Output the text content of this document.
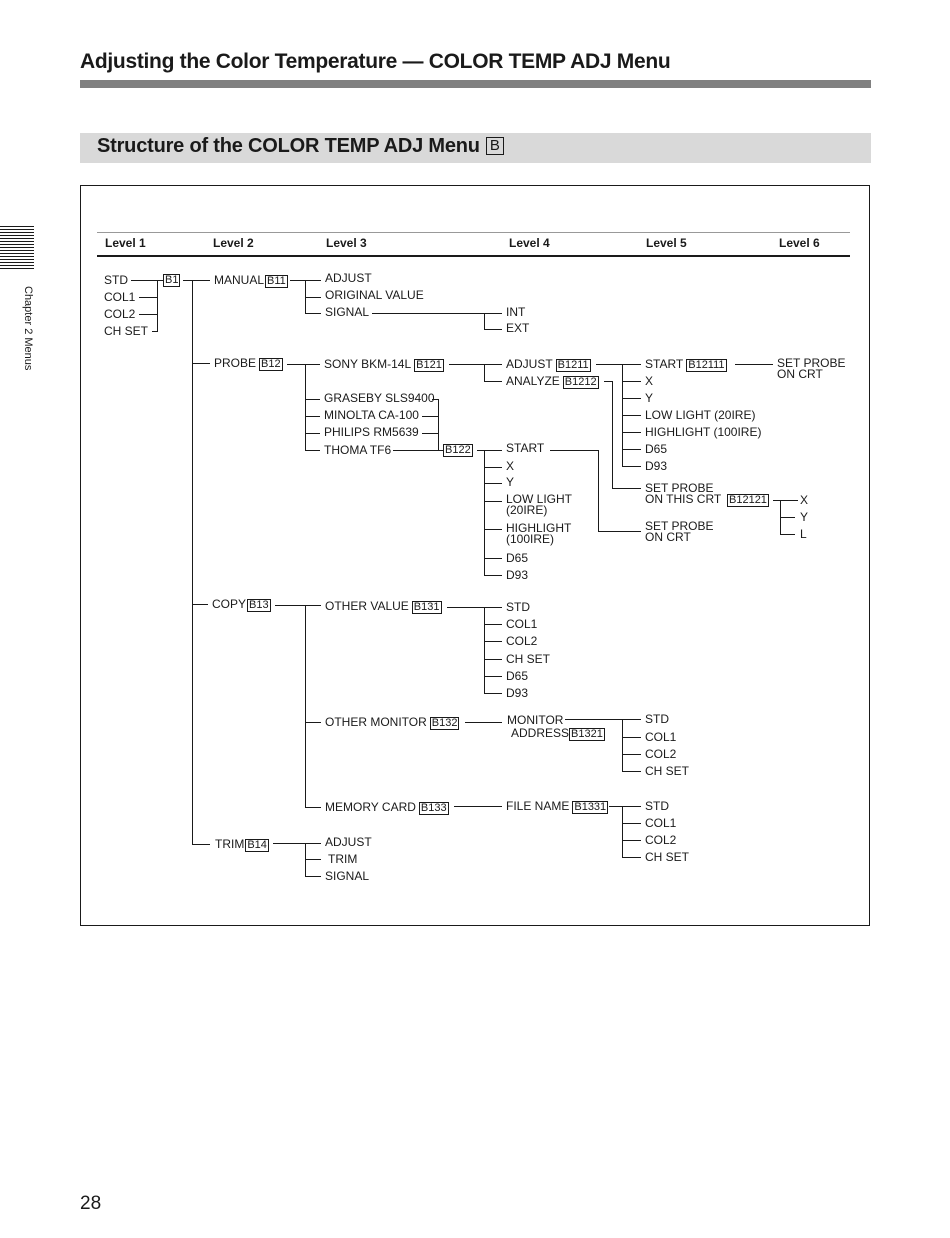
Adjusting the Color Temperature — COLOR TEMP ADJ Menu
Structure of the COLOR TEMP ADJ Menu B
Chapter 2 Menus
Level 1	Level 2	Level 3	Level 4	Level 5	Level 6
STD
COL1
COL2
CH SET
B1	MANUAL B11
PROBE B12
COPY B13
TRIM B14
ADJUST
ORIGINAL VALUE
SIGNAL	INT
EXT
SONY BKM-14L B121
GRASEBY SLS9400
MINOLTA CA-100
PHILIPS RM5639
THOMA TF6	B122
ADJUST B1211
ANALYZE B1212
START B12111
X
Y
LOW LIGHT (20IRE)
HIGHLIGHT (100IRE)
D65
D93
SET PROBE
ON THIS CRT B12121
SET PROBE
ON CRT
SET PROBE
ON CRT
X
Y
L
START
X
Y
LOW LIGHT
(20IRE)
HIGHLIGHT
(100IRE)
D65
D93
OTHER VALUE B131
OTHER MONITOR B132
MEMORY CARD B133
STD
COL1
COL2
CH SET
D65
D93
MONITOR
ADDRESS B1321
STD
COL1
COL2
CH SET
FILE NAME B1331	STD
COL1
COL2
CH SET
ADJUST
TRIM
SIGNAL
28
